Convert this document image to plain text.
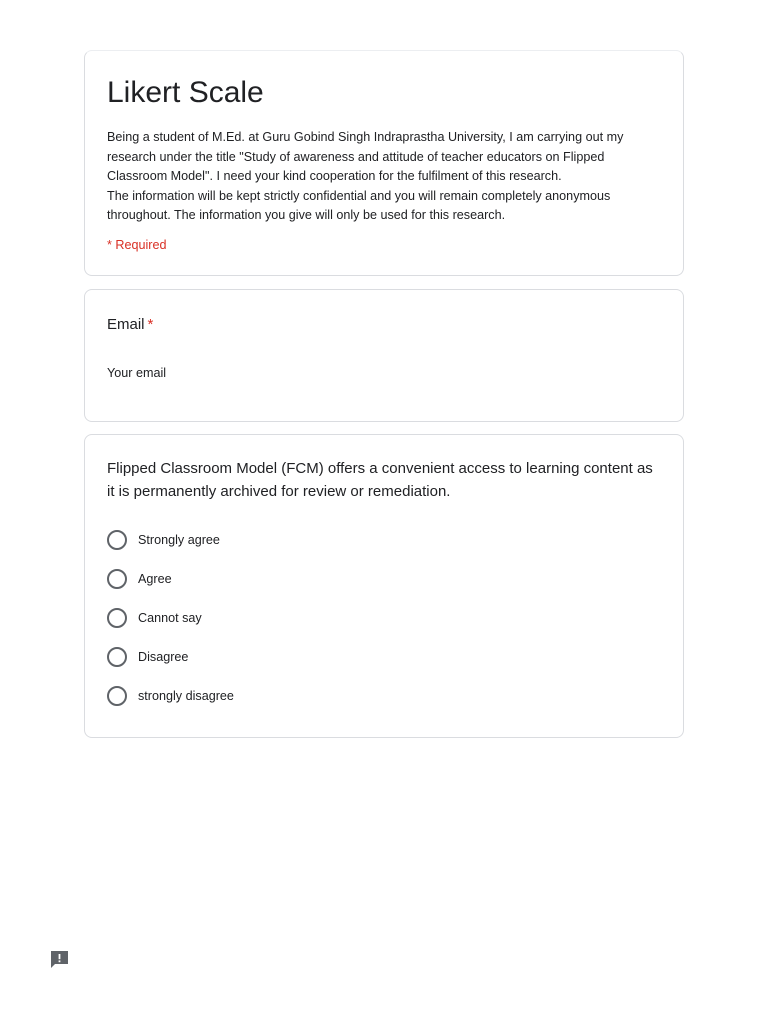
Likert Scale

Being a student of M.Ed. at Guru Gobind Singh Indraprastha University, I am carrying out my research under the title "Study of awareness and attitude of teacher educators on Flipped Classroom Model". I need your kind cooperation for the fulfilment of this research.

The information will be kept strictly confidential and you will remain completely anonymous throughout. The information you give will only be used for this research.

* Required
Email *
Your email
Flipped Classroom Model (FCM) offers a convenient access to learning content as it is permanently archived for review or remediation.
Strongly agree
Agree
Cannot say
Disagree
strongly disagree
